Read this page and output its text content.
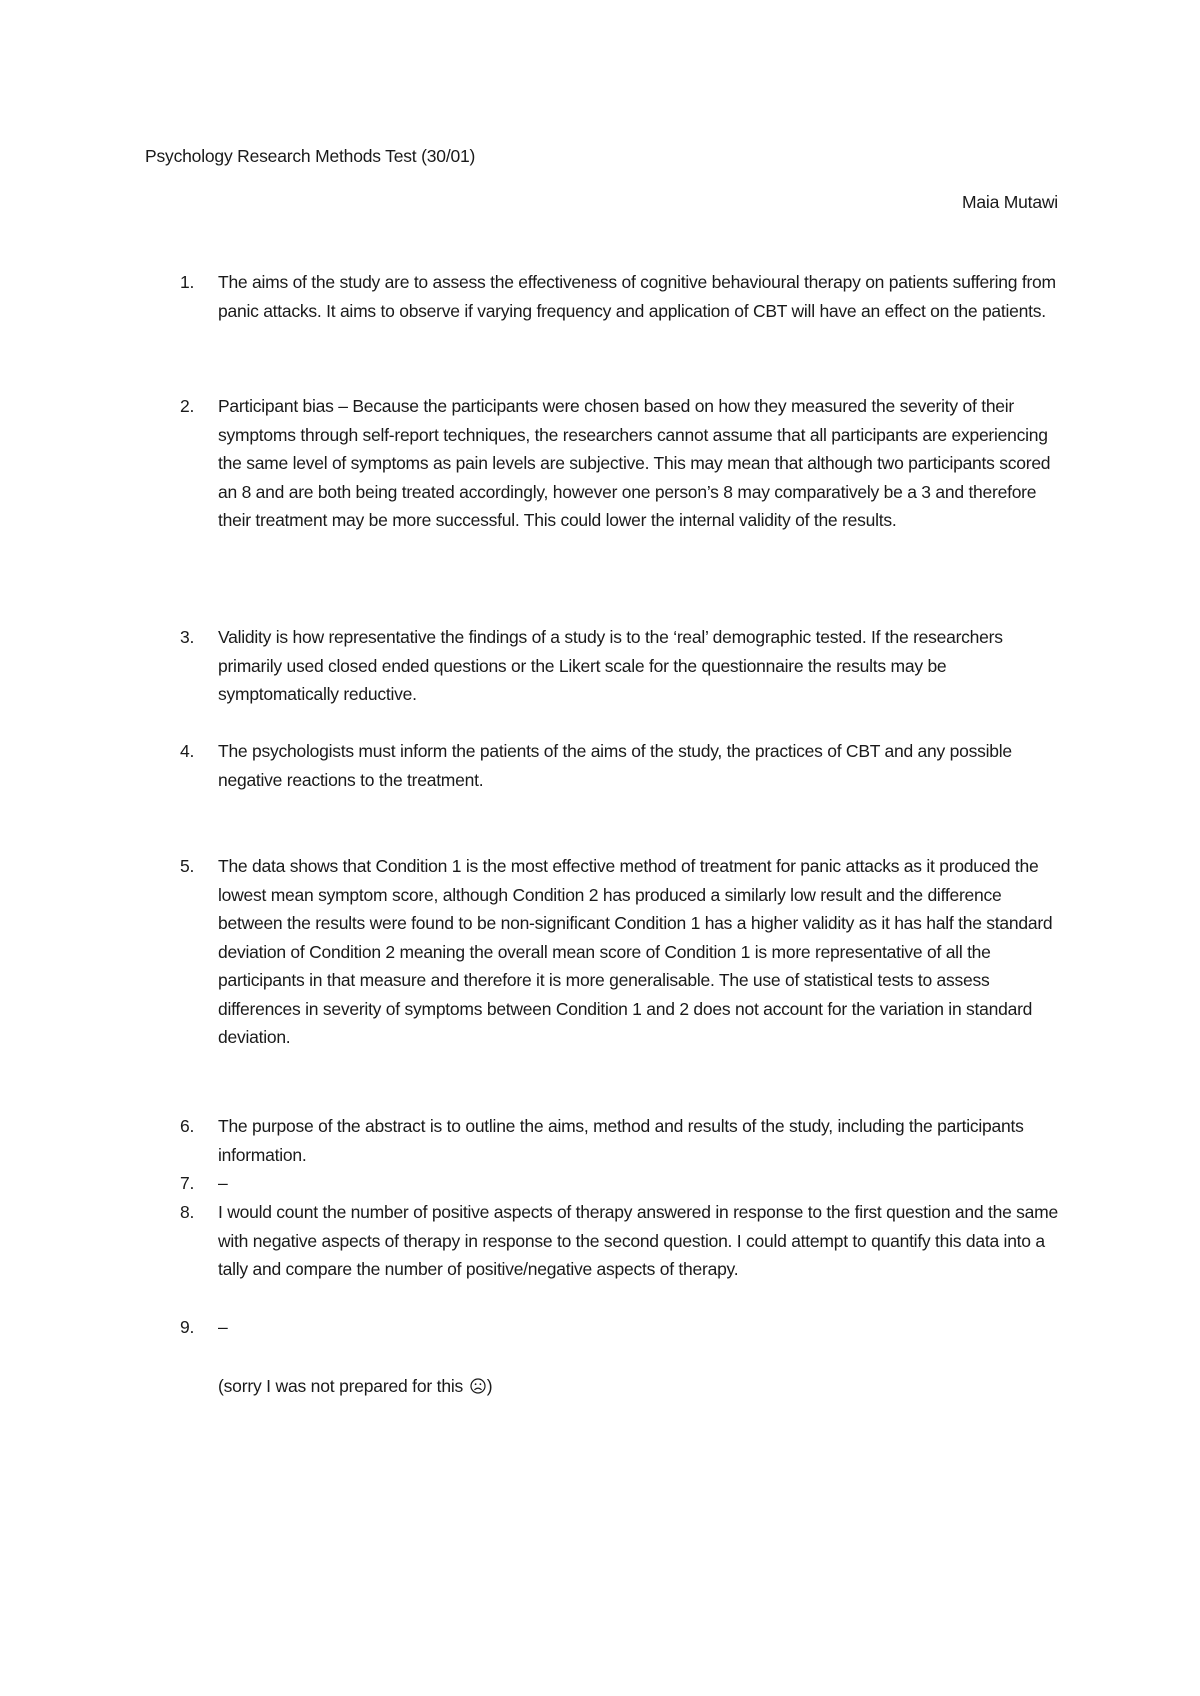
Psychology Research Methods Test (30/01)
Maia Mutawi
1.	The aims of the study are to assess the effectiveness of cognitive behavioural therapy on patients suffering from panic attacks. It aims to observe if varying frequency and application of CBT will have an effect on the patients.
2.	Participant bias – Because the participants were chosen based on how they measured the severity of their symptoms through self-report techniques, the researchers cannot assume that all participants are experiencing the same level of symptoms as pain levels are subjective. This may mean that although two participants scored an 8 and are both being treated accordingly, however one person’s 8 may comparatively be a 3 and therefore their treatment may be more successful. This could lower the internal validity of the results.
3.	Validity is how representative the findings of a study is to the ‘real’ demographic tested. If the researchers primarily used closed ended questions or the Likert scale for the questionnaire the results may be symptomatically reductive.
4.	The psychologists must inform the patients of the aims of the study, the practices of CBT and any possible negative reactions to the treatment.
5.	The data shows that Condition 1 is the most effective method of treatment for panic attacks as it produced the lowest mean symptom score, although Condition 2 has produced a similarly low result and the difference between the results were found to be non-significant Condition 1 has a higher validity as it has half the standard deviation of Condition 2 meaning the overall mean score of Condition 1 is more representative of all the participants in that measure and therefore it is more generalisable. The use of statistical tests to assess differences in severity of symptoms between Condition 1 and 2 does not account for the variation in standard deviation.
6.	The purpose of the abstract is to outline the aims, method and results of the study, including the participants information.
7.	–
8.	I would count the number of positive aspects of therapy answered in response to the first question and the same with negative aspects of therapy in response to the second question. I could attempt to quantify this data into a tally and compare the number of positive/negative aspects of therapy.
9.	–
(sorry I was not prepared for this )
